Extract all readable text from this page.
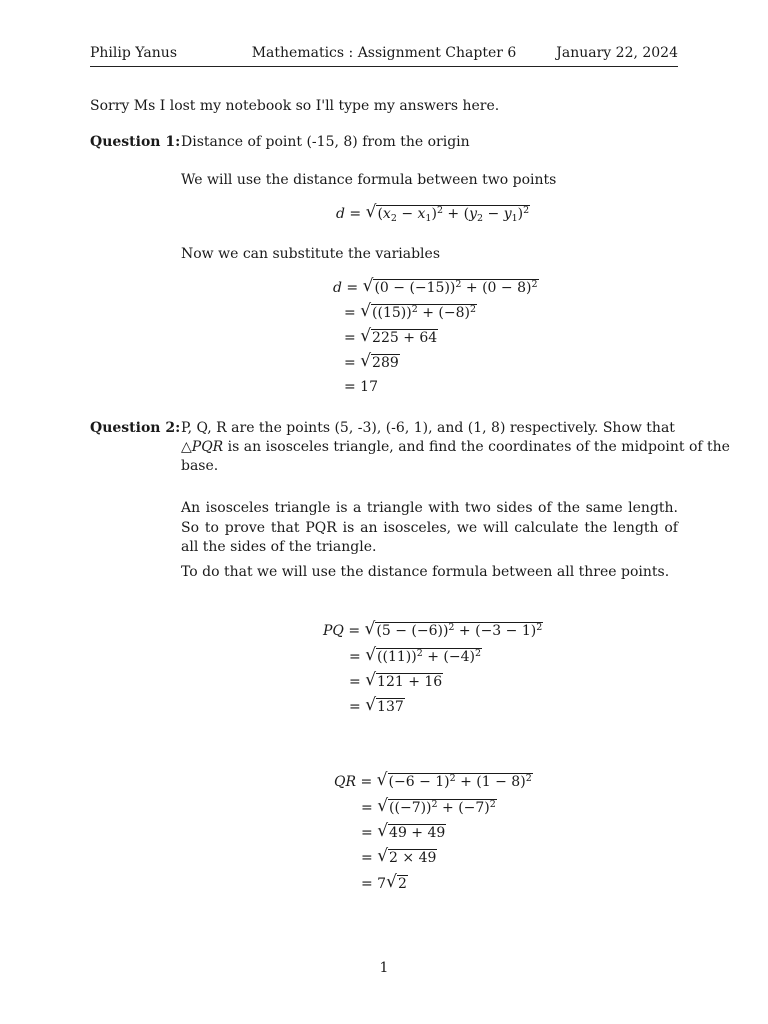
Philip Yanus	Mathematics : Assignment Chapter 6	January 22, 2024
Sorry Ms I lost my notebook so I'll type my answers here.
Question 1: Distance of point (-15, 8) from the origin
We will use the distance formula between two points
d = √ $(x_2 - x_1)^2 + (y_2 - y_1)^2$
Now we can substitute the variables
d = √ $(0 - (-15))^2 + (0 - 8)^2$
= √ $((15))^2 + (-8)^2$
= √ 225 + 64
= √ 289
= 17
Question 2: P, Q, R are the points (5, -3), (-6, 1), and (1, 8) respectively. Show that
△PQR is an isosceles triangle, and find the coordinates of the midpoint of the
base.
An isosceles triangle is a triangle with two sides of the same length. So to prove that PQR is an isosceles, we will calculate the length of all the sides of the triangle.
To do that we will use the distance formula between all three points.
PQ = √ $(5 - (-6))^2 + (-3 - 1)^2$
= √ $((11))^2 + (-4)^2$
= √ 121 + 16
= √ 137
QR = √ $(-6 - 1)^2 + (1 - 8)^2$
= √ $((-7))^2 + (-7)^2$
= √ 49 + 49
= √ 2 × 49
= 7 √ 2
1
